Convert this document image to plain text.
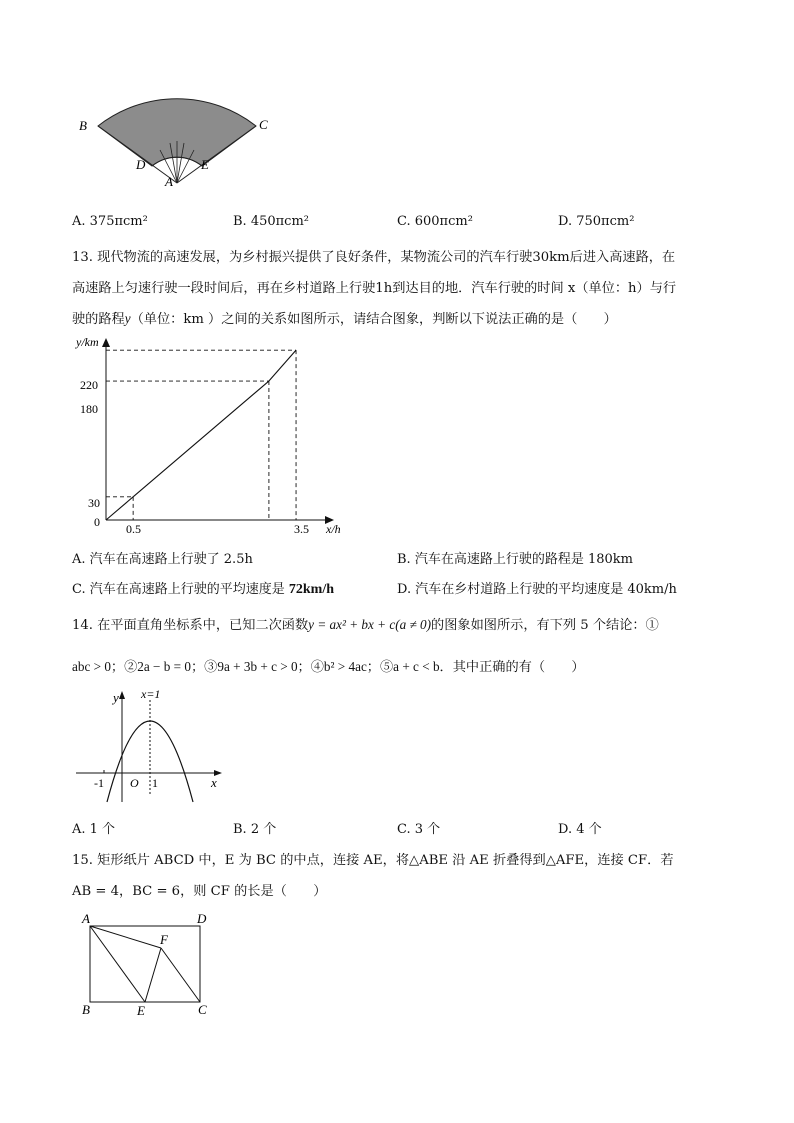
B	C
D	E
A
A. 375πcm²	B. 450πcm²	C. 600πcm²	D. 750πcm²
13. 现代物流的高速发展，为乡村振兴提供了良好条件，某物流公司的汽车行驶30km后进入高速路，在
高速路上匀速行驶一段时间后，再在乡村道路上行驶1h到达目的地．汽车行驶的时间 x（单位：h）与行
驶的路程y（单位：km ）之间的关系如图所示，请结合图象，判断以下说法正确的是（　　）
y/km
x/h
220
180
30
0 0.5	3.5
A. 汽车在高速路上行驶了 2.5h	B. 汽车在高速路上行驶的路程是 180km
C. 汽车在高速路上行驶的平均速度是 72km/h	D. 汽车在乡村道路上行驶的平均速度是 40km/h
14. 在平面直角坐标系中，已知二次函数y = ax² + bx + c(a ≠ 0)的图象如图所示，有下列 5 个结论：①
abc > 0；②2a − b = 0；③9a + 3b + c > 0；④b² > 4ac；⑤a + c < b．其中正确的有（　　）
y x=1
x
O
-1	1
A. 1 个	B. 2 个	C. 3 个	D. 4 个
15. 矩形纸片 ABCD 中，E 为 BC 的中点，连接 AE，将△ABE 沿 AE 折叠得到△AFE，连接 CF．若
AB = 4，BC = 6，则 CF 的长是（　　）
A	D
F
B	E	C
